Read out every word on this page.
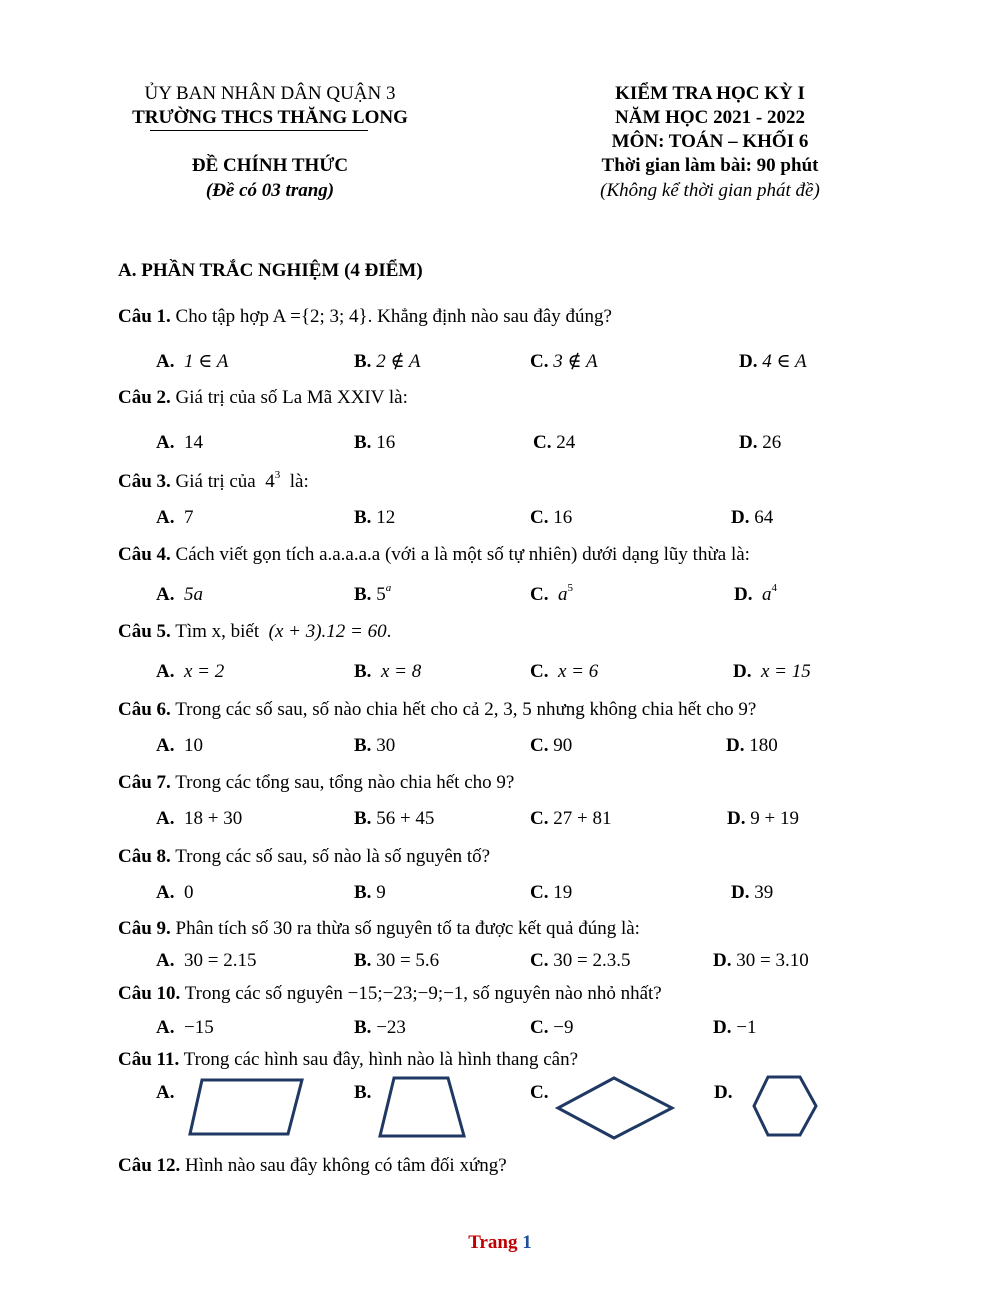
ỦY BAN NHÂN DÂN QUẬN 3
TRƯỜNG THCS THĂNG LONG
ĐỀ CHÍNH THỨC
(Đề có 03 trang)
KIỂM TRA HỌC KỲ I
NĂM HỌC 2021 - 2022
MÔN: TOÁN – KHỐI 6
Thời gian làm bài: 90 phút
(Không kể thời gian phát đề)
A. PHẦN TRẮC NGHIỆM (4 ĐIỂM)
Câu 1. Cho tập hợp A ={2; 3; 4}. Khẳng định nào sau đây đúng?
A. 1 ∈ A	B. 2 ∉ A	C. 3 ∉ A	D. 4 ∈ A
Câu 2. Giá trị của số La Mã XXIV là:
A. 14	B. 16	C. 24	D. 26
Câu 3. Giá trị của $4^3$ là:
A. 7	B. 12	C. 16	D. 64
Câu 4. Cách viết gọn tích a.a.a.a.a (với a là một số tự nhiên) dưới dạng lũy thừa là:
A. 5a	B. 5$^a$	C. $a^5$	D. $a^4$
Câu 5. Tìm x, biết (x + 3).12 = 60.
A. x = 2	B. x = 8	C. x = 6	D. x = 15
Câu 6. Trong các số sau, số nào chia hết cho cả 2, 3, 5 nhưng không chia hết cho 9?
A. 10	B. 30	C. 90	D. 180
Câu 7. Trong các tổng sau, tổng nào chia hết cho 9?
A. 18 + 30	B. 56 + 45	C. 27 + 81	D. 9 + 19
Câu 8. Trong các số sau, số nào là số nguyên tố?
A. 0	B. 9	C. 19	D. 39
Câu 9. Phân tích số 30 ra thừa số nguyên tố ta được kết quả đúng là:
A. 30 = 2.15	B. 30 = 5.6	C. 30 = 2.3.5	D. 30 = 3.10
Câu 10. Trong các số nguyên −15;−23;−9;−1, số nguyên nào nhỏ nhất?
A. −15	B. −23	C. −9	D. −1
Câu 11. Trong các hình sau đây, hình nào là hình thang cân?
A.	B.	C.	D.
Câu 12. Hình nào sau đây không có tâm đối xứng?
Trang 1
